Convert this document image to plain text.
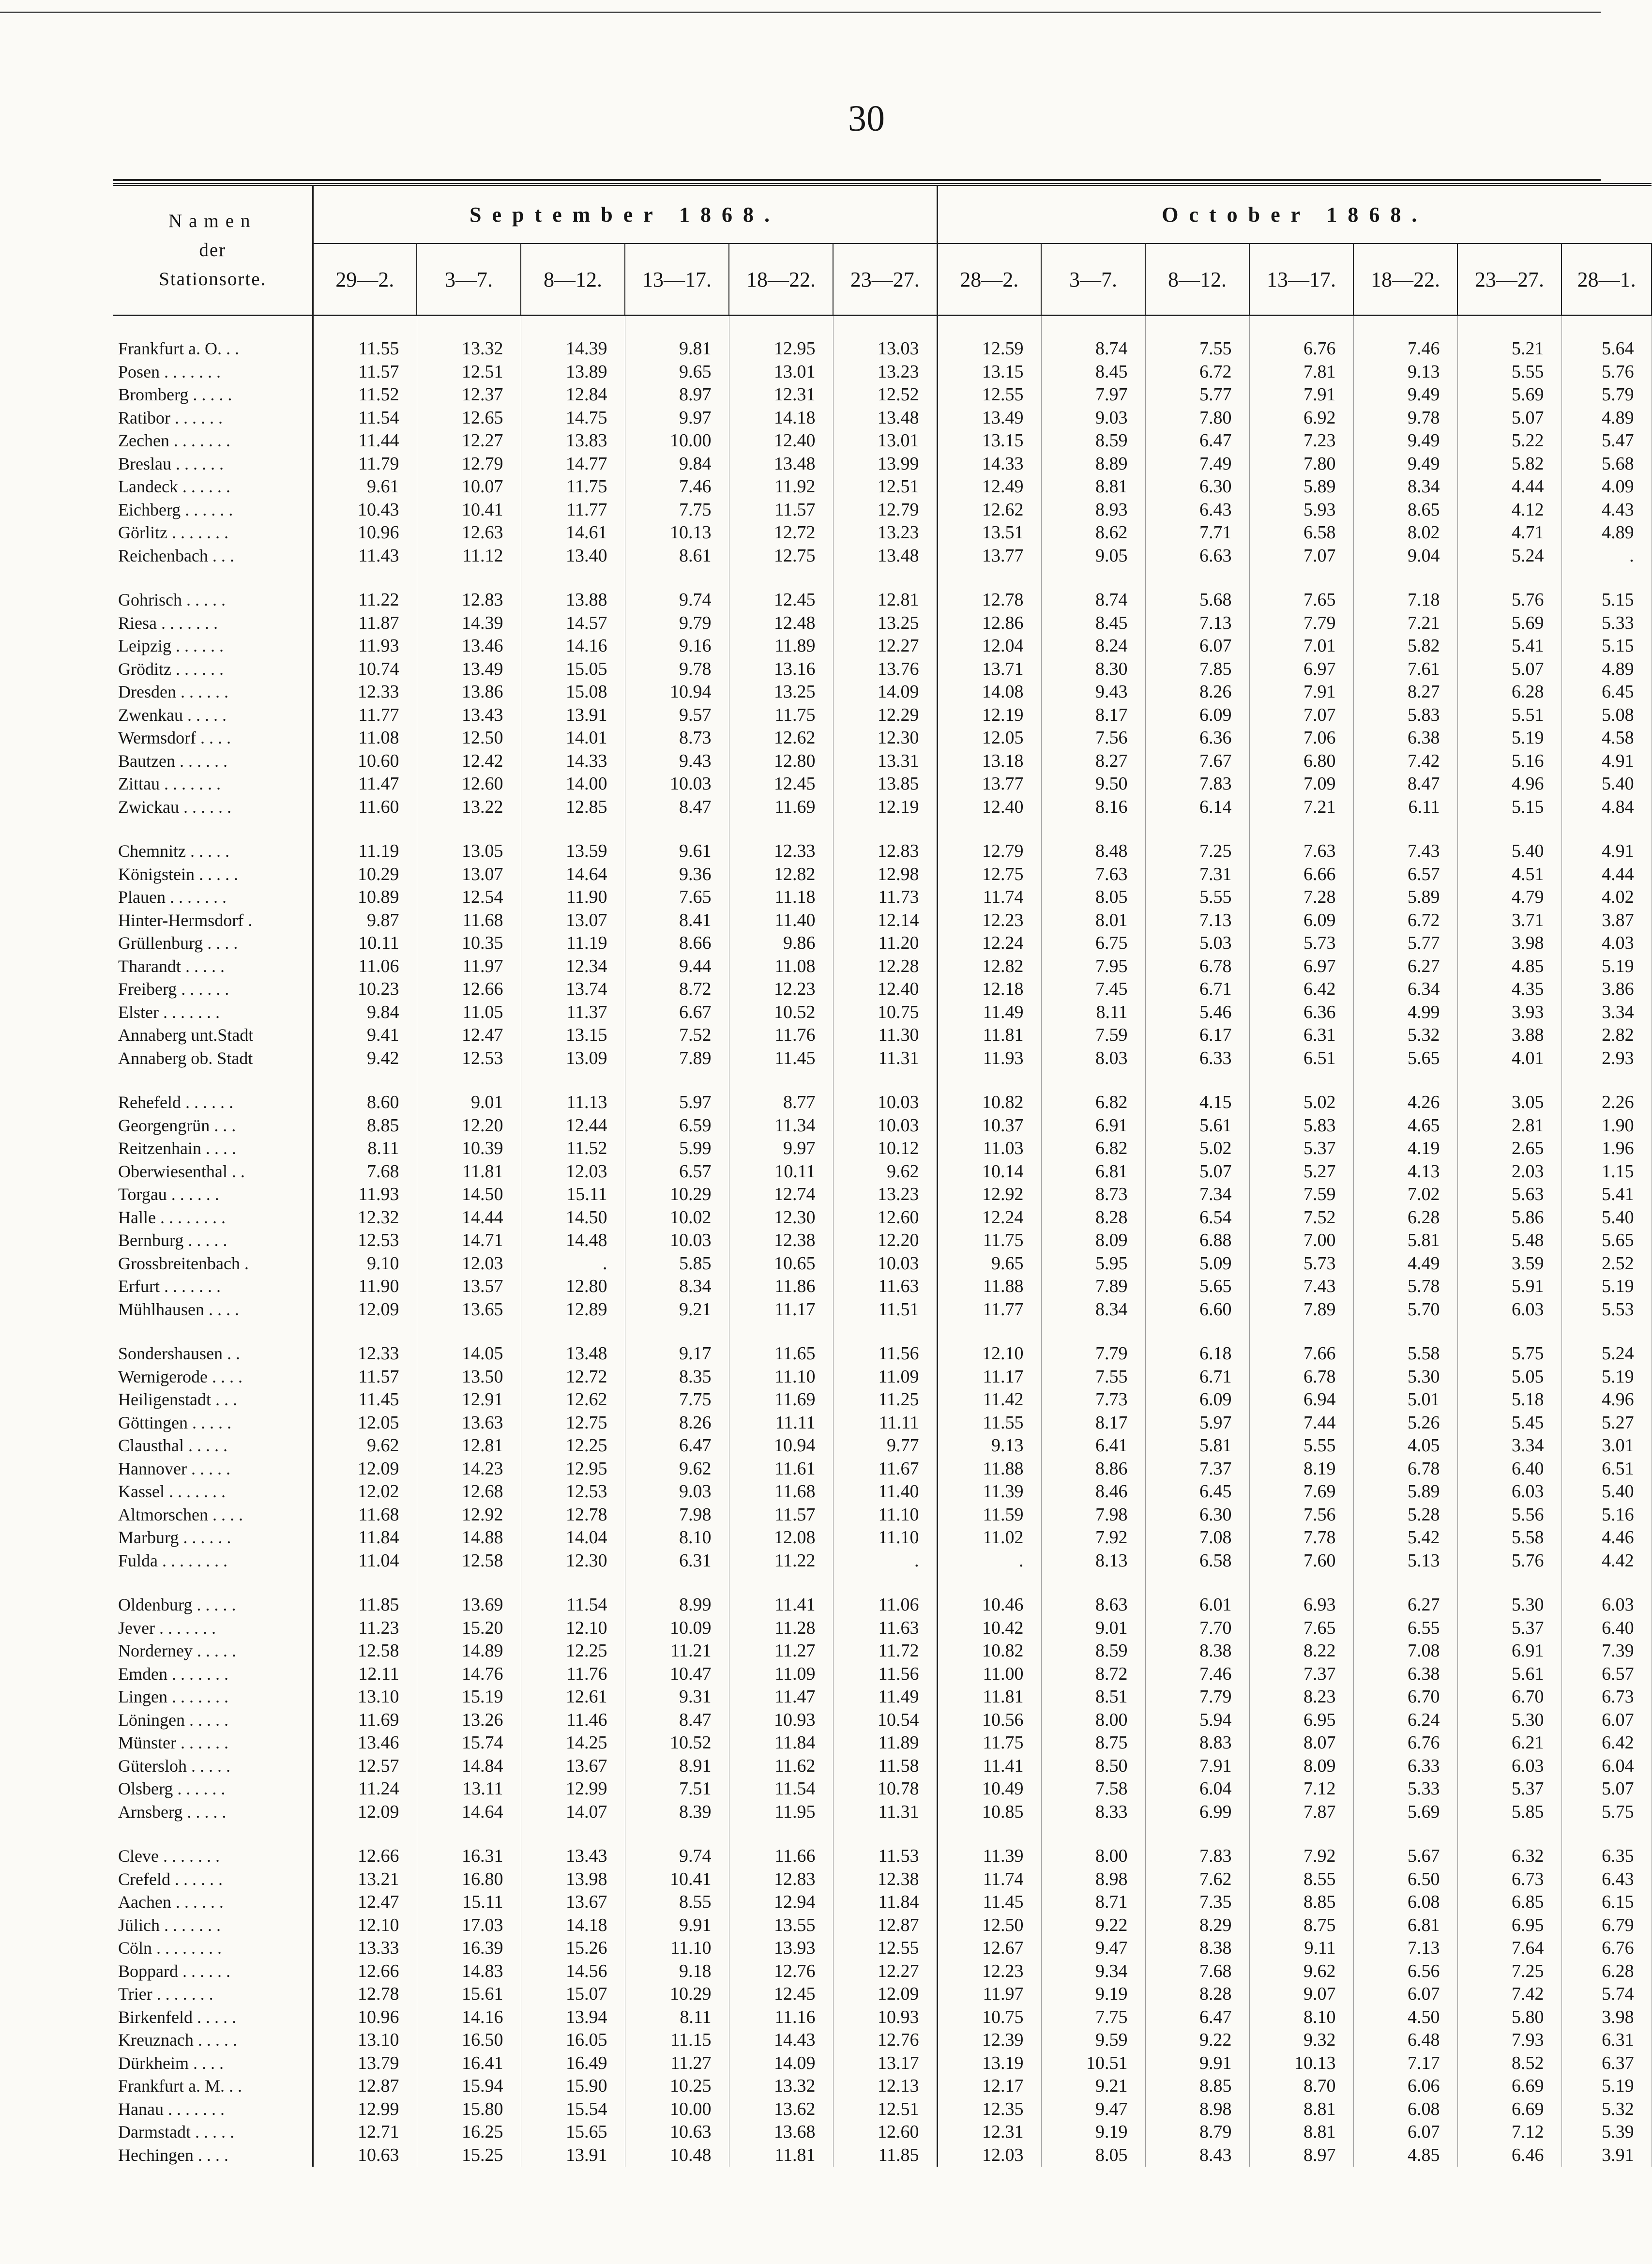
30
Namen
der
Stationsorte.	September 1868.						October 1868.						
	29—2.	3—7.	8—12.	13—17.	18—22.	23—27.	28—2.	3—7.	8—12.	13—17.	18—22.	23—27.	28—1.

Frankfurt a. O. . .	11.55	13.32	14.39	9.81	12.95	13.03	12.59	8.74	7.55	6.76	7.46	5.21	5.64
Posen . . . . . . .	11.57	12.51	13.89	9.65	13.01	13.23	13.15	8.45	6.72	7.81	9.13	5.55	5.76
Bromberg . . . . .	11.52	12.37	12.84	8.97	12.31	12.52	12.55	7.97	5.77	7.91	9.49	5.69	5.79
Ratibor . . . . . .	11.54	12.65	14.75	9.97	14.18	13.48	13.49	9.03	7.80	6.92	9.78	5.07	4.89
Zechen . . . . . . .	11.44	12.27	13.83	10.00	12.40	13.01	13.15	8.59	6.47	7.23	9.49	5.22	5.47
Breslau . . . . . .	11.79	12.79	14.77	9.84	13.48	13.99	14.33	8.89	7.49	7.80	9.49	5.82	5.68
Landeck . . . . . .	9.61	10.07	11.75	7.46	11.92	12.51	12.49	8.81	6.30	5.89	8.34	4.44	4.09
Eichberg . . . . . .	10.43	10.41	11.77	7.75	11.57	12.79	12.62	8.93	6.43	5.93	8.65	4.12	4.43
Görlitz . . . . . . .	10.96	12.63	14.61	10.13	12.72	13.23	13.51	8.62	7.71	6.58	8.02	4.71	4.89
Reichenbach . . .	11.43	11.12	13.40	8.61	12.75	13.48	13.77	9.05	6.63	7.07	9.04	5.24	.

Gohrisch . . . . .	11.22	12.83	13.88	9.74	12.45	12.81	12.78	8.74	5.68	7.65	7.18	5.76	5.15
Riesa . . . . . . .	11.87	14.39	14.57	9.79	12.48	13.25	12.86	8.45	7.13	7.79	7.21	5.69	5.33
Leipzig . . . . . .	11.93	13.46	14.16	9.16	11.89	12.27	12.04	8.24	6.07	7.01	5.82	5.41	5.15
Gröditz . . . . . .	10.74	13.49	15.05	9.78	13.16	13.76	13.71	8.30	7.85	6.97	7.61	5.07	4.89
Dresden . . . . . .	12.33	13.86	15.08	10.94	13.25	14.09	14.08	9.43	8.26	7.91	8.27	6.28	6.45
Zwenkau . . . . .	11.77	13.43	13.91	9.57	11.75	12.29	12.19	8.17	6.09	7.07	5.83	5.51	5.08
Wermsdorf . . . .	11.08	12.50	14.01	8.73	12.62	12.30	12.05	7.56	6.36	7.06	6.38	5.19	4.58
Bautzen . . . . . .	10.60	12.42	14.33	9.43	12.80	13.31	13.18	8.27	7.67	6.80	7.42	5.16	4.91
Zittau . . . . . . .	11.47	12.60	14.00	10.03	12.45	13.85	13.77	9.50	7.83	7.09	8.47	4.96	5.40
Zwickau . . . . . .	11.60	13.22	12.85	8.47	11.69	12.19	12.40	8.16	6.14	7.21	6.11	5.15	4.84

Chemnitz . . . . .	11.19	13.05	13.59	9.61	12.33	12.83	12.79	8.48	7.25	7.63	7.43	5.40	4.91
Königstein . . . . .	10.29	13.07	14.64	9.36	12.82	12.98	12.75	7.63	7.31	6.66	6.57	4.51	4.44
Plauen . . . . . . .	10.89	12.54	11.90	7.65	11.18	11.73	11.74	8.05	5.55	7.28	5.89	4.79	4.02
Hinter-Hermsdorf .	9.87	11.68	13.07	8.41	11.40	12.14	12.23	8.01	7.13	6.09	6.72	3.71	3.87
Grüllenburg . . . .	10.11	10.35	11.19	8.66	9.86	11.20	12.24	6.75	5.03	5.73	5.77	3.98	4.03
Tharandt . . . . .	11.06	11.97	12.34	9.44	11.08	12.28	12.82	7.95	6.78	6.97	6.27	4.85	5.19
Freiberg . . . . . .	10.23	12.66	13.74	8.72	12.23	12.40	12.18	7.45	6.71	6.42	6.34	4.35	3.86
Elster . . . . . . .	9.84	11.05	11.37	6.67	10.52	10.75	11.49	8.11	5.46	6.36	4.99	3.93	3.34
Annaberg unt.Stadt	9.41	12.47	13.15	7.52	11.76	11.30	11.81	7.59	6.17	6.31	5.32	3.88	2.82
Annaberg ob. Stadt	9.42	12.53	13.09	7.89	11.45	11.31	11.93	8.03	6.33	6.51	5.65	4.01	2.93

Rehefeld . . . . . .	8.60	9.01	11.13	5.97	8.77	10.03	10.82	6.82	4.15	5.02	4.26	3.05	2.26
Georgengrün . . .	8.85	12.20	12.44	6.59	11.34	10.03	10.37	6.91	5.61	5.83	4.65	2.81	1.90
Reitzenhain . . . .	8.11	10.39	11.52	5.99	9.97	10.12	11.03	6.82	5.02	5.37	4.19	2.65	1.96
Oberwiesenthal . .	7.68	11.81	12.03	6.57	10.11	9.62	10.14	6.81	5.07	5.27	4.13	2.03	1.15
Torgau . . . . . .	11.93	14.50	15.11	10.29	12.74	13.23	12.92	8.73	7.34	7.59	7.02	5.63	5.41
Halle . . . . . . . .	12.32	14.44	14.50	10.02	12.30	12.60	12.24	8.28	6.54	7.52	6.28	5.86	5.40
Bernburg . . . . .	12.53	14.71	14.48	10.03	12.38	12.20	11.75	8.09	6.88	7.00	5.81	5.48	5.65
Grossbreitenbach .	9.10	12.03	.	5.85	10.65	10.03	9.65	5.95	5.09	5.73	4.49	3.59	2.52
Erfurt . . . . . . .	11.90	13.57	12.80	8.34	11.86	11.63	11.88	7.89	5.65	7.43	5.78	5.91	5.19
Mühlhausen . . . .	12.09	13.65	12.89	9.21	11.17	11.51	11.77	8.34	6.60	7.89	5.70	6.03	5.53

Sondershausen . .	12.33	14.05	13.48	9.17	11.65	11.56	12.10	7.79	6.18	7.66	5.58	5.75	5.24
Wernigerode . . . .	11.57	13.50	12.72	8.35	11.10	11.09	11.17	7.55	6.71	6.78	5.30	5.05	5.19
Heiligenstadt . . .	11.45	12.91	12.62	7.75	11.69	11.25	11.42	7.73	6.09	6.94	5.01	5.18	4.96
Göttingen . . . . .	12.05	13.63	12.75	8.26	11.11	11.11	11.55	8.17	5.97	7.44	5.26	5.45	5.27
Clausthal . . . . .	9.62	12.81	12.25	6.47	10.94	9.77	9.13	6.41	5.81	5.55	4.05	3.34	3.01
Hannover . . . . .	12.09	14.23	12.95	9.62	11.61	11.67	11.88	8.86	7.37	8.19	6.78	6.40	6.51
Kassel . . . . . . .	12.02	12.68	12.53	9.03	11.68	11.40	11.39	8.46	6.45	7.69	5.89	6.03	5.40
Altmorschen . . . .	11.68	12.92	12.78	7.98	11.57	11.10	11.59	7.98	6.30	7.56	5.28	5.56	5.16
Marburg . . . . . .	11.84	14.88	14.04	8.10	12.08	11.10	11.02	7.92	7.08	7.78	5.42	5.58	4.46
Fulda . . . . . . . .	11.04	12.58	12.30	6.31	11.22	.	.	8.13	6.58	7.60	5.13	5.76	4.42

Oldenburg . . . . .	11.85	13.69	11.54	8.99	11.41	11.06	10.46	8.63	6.01	6.93	6.27	5.30	6.03
Jever . . . . . . .	11.23	15.20	12.10	10.09	11.28	11.63	10.42	9.01	7.70	7.65	6.55	5.37	6.40
Norderney . . . . .	12.58	14.89	12.25	11.21	11.27	11.72	10.82	8.59	8.38	8.22	7.08	6.91	7.39
Emden . . . . . . .	12.11	14.76	11.76	10.47	11.09	11.56	11.00	8.72	7.46	7.37	6.38	5.61	6.57
Lingen . . . . . . .	13.10	15.19	12.61	9.31	11.47	11.49	11.81	8.51	7.79	8.23	6.70	6.70	6.73
Löningen . . . . .	11.69	13.26	11.46	8.47	10.93	10.54	10.56	8.00	5.94	6.95	6.24	5.30	6.07
Münster . . . . . .	13.46	15.74	14.25	10.52	11.84	11.89	11.75	8.75	8.83	8.07	6.76	6.21	6.42
Gütersloh . . . . .	12.57	14.84	13.67	8.91	11.62	11.58	11.41	8.50	7.91	8.09	6.33	6.03	6.04
Olsberg . . . . . .	11.24	13.11	12.99	7.51	11.54	10.78	10.49	7.58	6.04	7.12	5.33	5.37	5.07
Arnsberg . . . . .	12.09	14.64	14.07	8.39	11.95	11.31	10.85	8.33	6.99	7.87	5.69	5.85	5.75

Cleve . . . . . . .	12.66	16.31	13.43	9.74	11.66	11.53	11.39	8.00	7.83	7.92	5.67	6.32	6.35
Crefeld . . . . . .	13.21	16.80	13.98	10.41	12.83	12.38	11.74	8.98	7.62	8.55	6.50	6.73	6.43
Aachen . . . . . .	12.47	15.11	13.67	8.55	12.94	11.84	11.45	8.71	7.35	8.85	6.08	6.85	6.15
Jülich . . . . . . .	12.10	17.03	14.18	9.91	13.55	12.87	12.50	9.22	8.29	8.75	6.81	6.95	6.79
Cöln . . . . . . . .	13.33	16.39	15.26	11.10	13.93	12.55	12.67	9.47	8.38	9.11	7.13	7.64	6.76
Boppard . . . . . .	12.66	14.83	14.56	9.18	12.76	12.27	12.23	9.34	7.68	9.62	6.56	7.25	6.28
Trier . . . . . . .	12.78	15.61	15.07	10.29	12.45	12.09	11.97	9.19	8.28	9.07	6.07	7.42	5.74
Birkenfeld . . . . .	10.96	14.16	13.94	8.11	11.16	10.93	10.75	7.75	6.47	8.10	4.50	5.80	3.98
Kreuznach . . . . .	13.10	16.50	16.05	11.15	14.43	12.76	12.39	9.59	9.22	9.32	6.48	7.93	6.31
Dürkheim . . . .	13.79	16.41	16.49	11.27	14.09	13.17	13.19	10.51	9.91	10.13	7.17	8.52	6.37
Frankfurt a. M. . .	12.87	15.94	15.90	10.25	13.32	12.13	12.17	9.21	8.85	8.70	6.06	6.69	5.19
Hanau . . . . . . .	12.99	15.80	15.54	10.00	13.62	12.51	12.35	9.47	8.98	8.81	6.08	6.69	5.32
Darmstadt . . . . .	12.71	16.25	15.65	10.63	13.68	12.60	12.31	9.19	8.79	8.81	6.07	7.12	5.39
Hechingen . . . .	10.63	15.25	13.91	10.48	11.81	11.85	12.03	8.05	8.43	8.97	4.85	6.46	3.91
